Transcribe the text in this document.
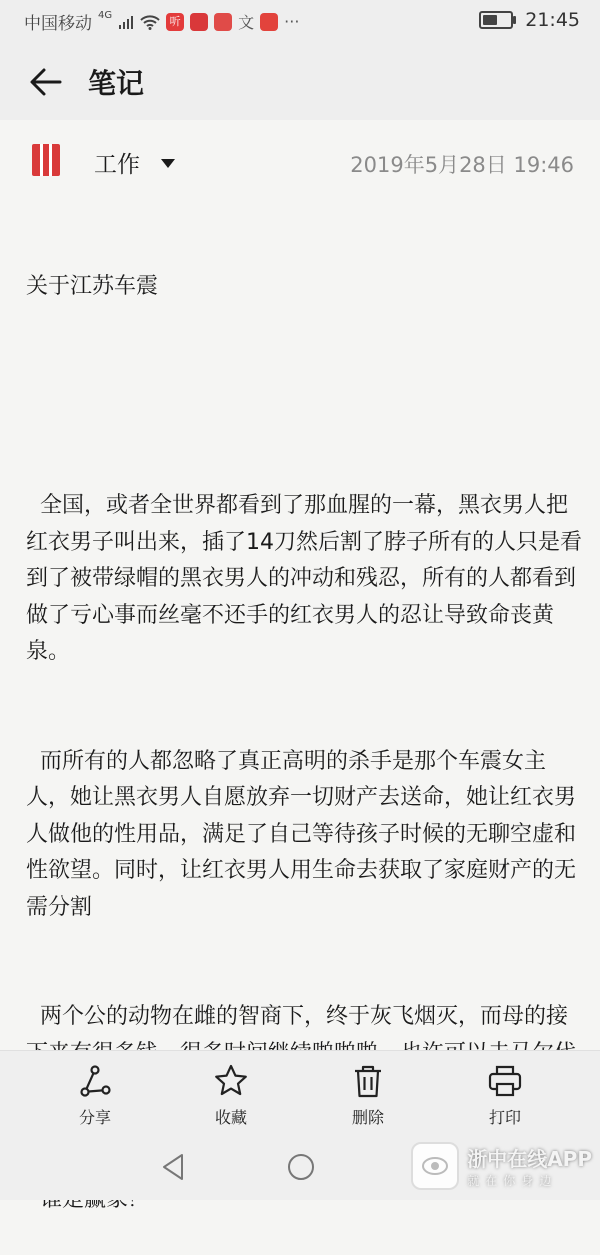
中国移动 4G	听	文 ···	21:45
笔记
工作	2019年5月28日 19:46

关于江苏车震

全国，或者全世界都看到了那血腥的一幕，黑衣男人把红衣男子叫出来，插了14刀然后割了脖子所有的人只是看到了被带绿帽的黑衣男人的冲动和残忍，所有的人都看到做了亏心事而丝毫不还手的红衣男人的忍让导致命丧黄泉。

而所有的人都忽略了真正高明的杀手是那个车震女主人，她让黑衣男人自愿放弃一切财产去送命，她让红衣男人做他的性用品，满足了自己等待孩子时候的无聊空虚和性欲望。同时，让红衣男人用生命去获取了家庭财产的无需分割

两个公的动物在雌的智商下，终于灰飞烟灭，而母的接

分享	收藏	删除	打印
浙中在线APP
就在你身边
